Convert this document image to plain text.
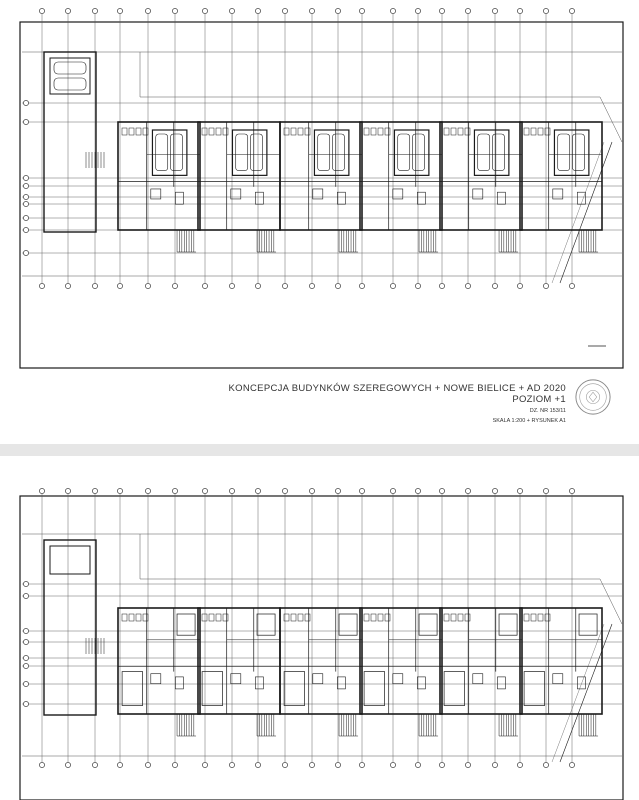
KONCEPCJA BUDYNKÓW SZEREGOWYCH + NOWE BIELICE + AD 2020
POZIOM +1
DZ. NR 153/11
SKALA 1:200 + RYSUNEK A1
